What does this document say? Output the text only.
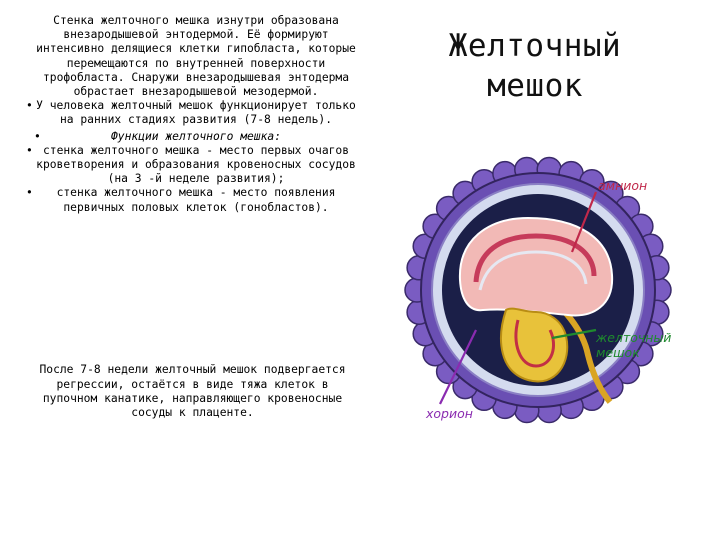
Желточный
мешок

Стенка желточного мешка изнутри образована внезародышевой энтодермой. Её формируют интенсивно делящиеся клетки гипобласта, которые перемещаются по внутренней поверхности трофобласта. Снаружи внезародышевая энтодерма обрастает внезародышевой мезодермой.

• У человека желточный мешок функционирует только на ранних стадиях развития (7-8 недель).

•	Функции желточного мешка:

• стенка желточного мешка - место первых очагов кроветворения и образования кровеносных сосудов (на 3 -й неделе развития);

• стенка желточного мешка - место появления первичных половых клеток (гонобластов).

После 7-8 недели желточный мешок подвергается регрессии, остаётся в виде тяжа клеток в пупочном канатике, направляющего кровеносные сосуды к плаценте.

амнион
желточный
мешок
хорион
